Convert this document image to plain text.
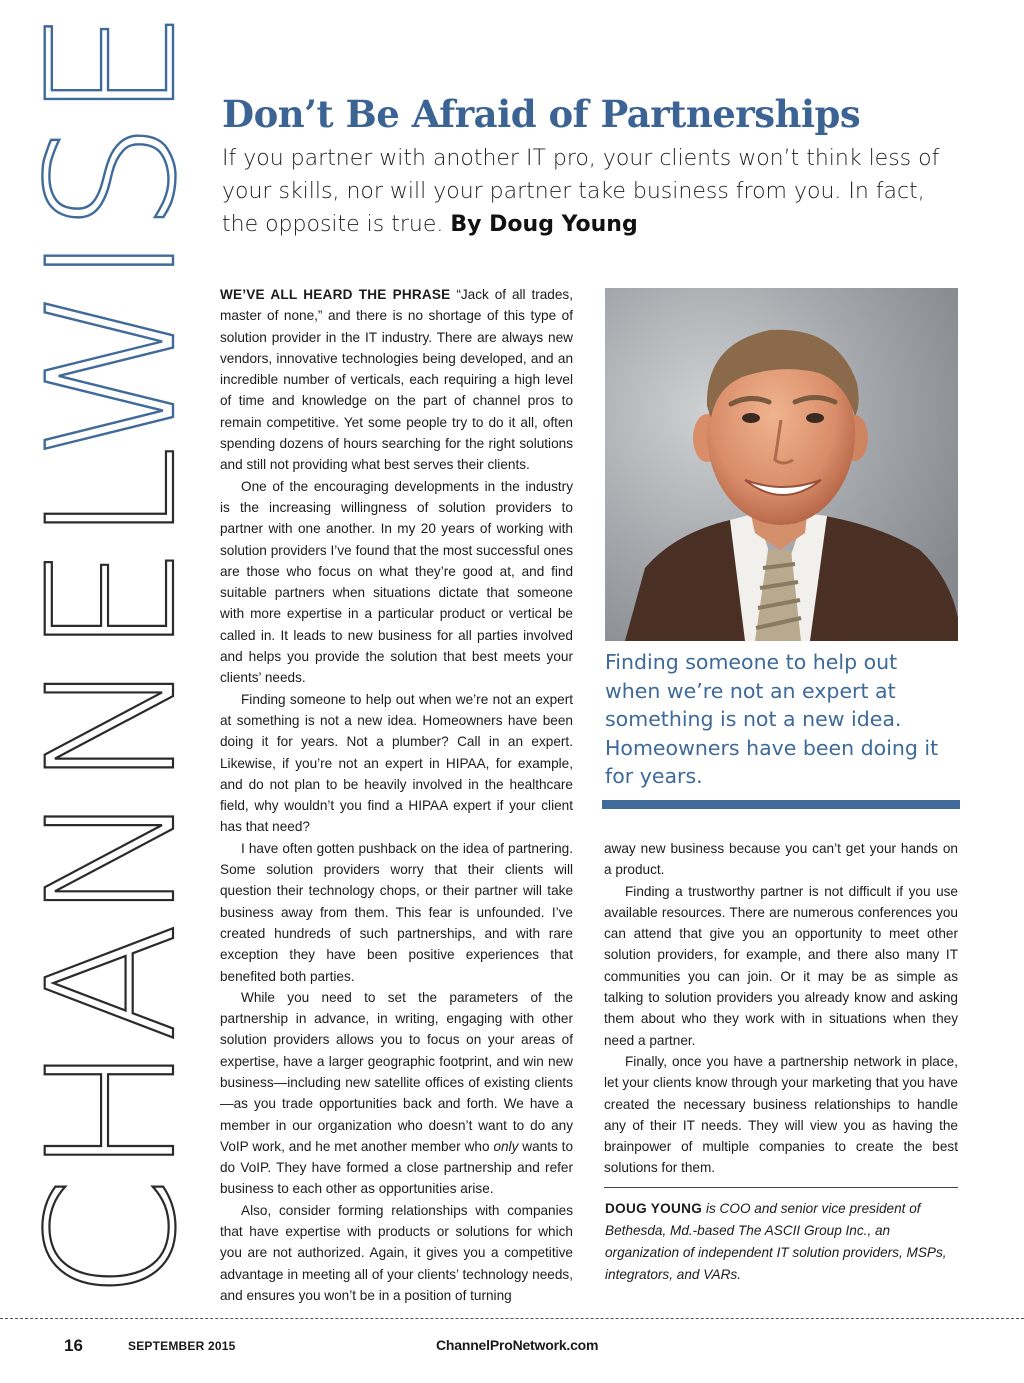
CHANNELWISE Don’t Be Afraid of Partnerships

If you partner with another IT pro, your clients won’t think less of your skills, nor will your partner take business from you. In fact, the opposite is true. By Doug Young

WE’VE ALL HEARD THE PHRASE “Jack of all trades, master of none,” and there is no shortage of this type of solution provider in the IT industry. There are always new vendors, innovative technologies being developed, and an incredible number of verticals, each requiring a high level of time and knowledge on the part of channel pros to remain competitive. Yet some people try to do it all, often spending dozens of hours searching for the right solutions and still not providing what best serves their clients.

One of the encouraging developments in the industry is the increasing willingness of solution providers to partner with one another. In my 20 years of working with solution providers I’ve found that the most successful ones are those who focus on what they’re good at, and find suitable partners when situations dictate that someone with more expertise in a particular product or vertical be called in. It leads to new business for all parties involved and helps you provide the solution that best meets your clients’ needs.

Finding someone to help out when we’re not an expert at something is not a new idea. Homeowners have been doing it for years. Not a plumber? Call in an expert. Likewise, if you’re not an expert in HIPAA, for example, and do not plan to be heavily involved in the healthcare field, why wouldn’t you find a HIPAA expert if your client has that need?

I have often gotten pushback on the idea of partnering. Some solution providers worry that their clients will question their technology chops, or their partner will take business away from them. This fear is unfounded. I’ve created hundreds of such partnerships, and with rare exception they have been positive experiences that benefited both parties.

While you need to set the parameters of the partnership in advance, in writing, engaging with other solution providers allows you to focus on your areas of expertise, have a larger geographic footprint, and win new business—including new satellite offices of existing clients—as you trade opportunities back and forth. We have a member in our organization who doesn’t want to do any VoIP work, and he met another member who only wants to do VoIP. They have formed a close partnership and refer business to each other as opportunities arise.

Also, consider forming relationships with companies that have expertise with products or solutions for which you are not authorized. Again, it gives you a competitive advantage in meeting all of your clients’ technology needs, and ensures you won’t be in a position of turning

Finding someone to help out when we’re not an expert at something is not a new idea. Homeowners have been doing it for years.

away new business because you can’t get your hands on a product.

Finding a trustworthy partner is not difficult if you use available resources. There are numerous conferences you can attend that give you an opportunity to meet other solution providers, for example, and there also many IT communities you can join. Or it may be as simple as talking to solution providers you already know and asking them about who they work with in situations when they need a partner.

Finally, once you have a partnership network in place, let your clients know through your marketing that you have created the necessary business relationships to handle any of their IT needs. They will view you as having the brainpower of multiple companies to create the best solutions for them.

DOUG YOUNG is COO and senior vice president of Bethesda, Md.-based The ASCII Group Inc., an organization of independent IT solution providers, MSPs, integrators, and VARs.

16	SEPTEMBER 2015	ChannelProNetwork.com
